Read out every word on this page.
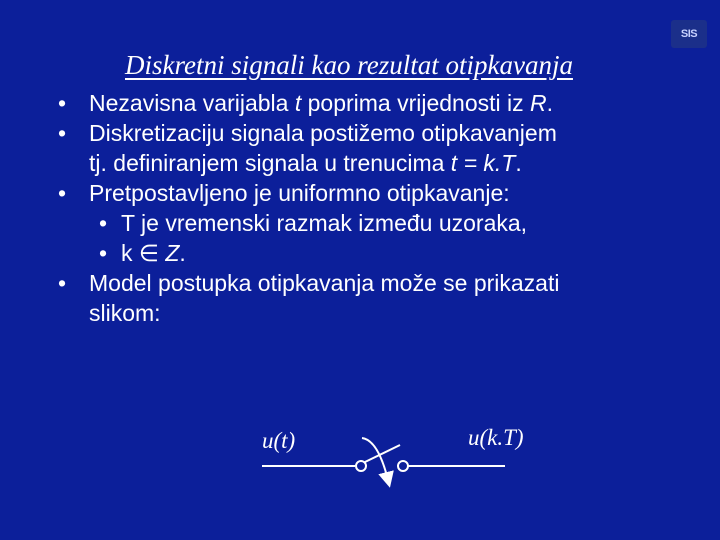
SIS
Diskretni signali kao rezultat otipkavanja
• Nezavisna varijabla t poprima vrijednosti iz R.
• Diskretizaciju signala postižemo otipkavanjem
tj. definiranjem signala u trenucima t = k.T.
• Pretpostavljeno je uniformno otipkavanje:
• T je vremenski razmak između uzoraka,
• k ∈ Z.
• Model postupka otipkavanja može se prikazati
slikom:
u(t)	u(k.T)
